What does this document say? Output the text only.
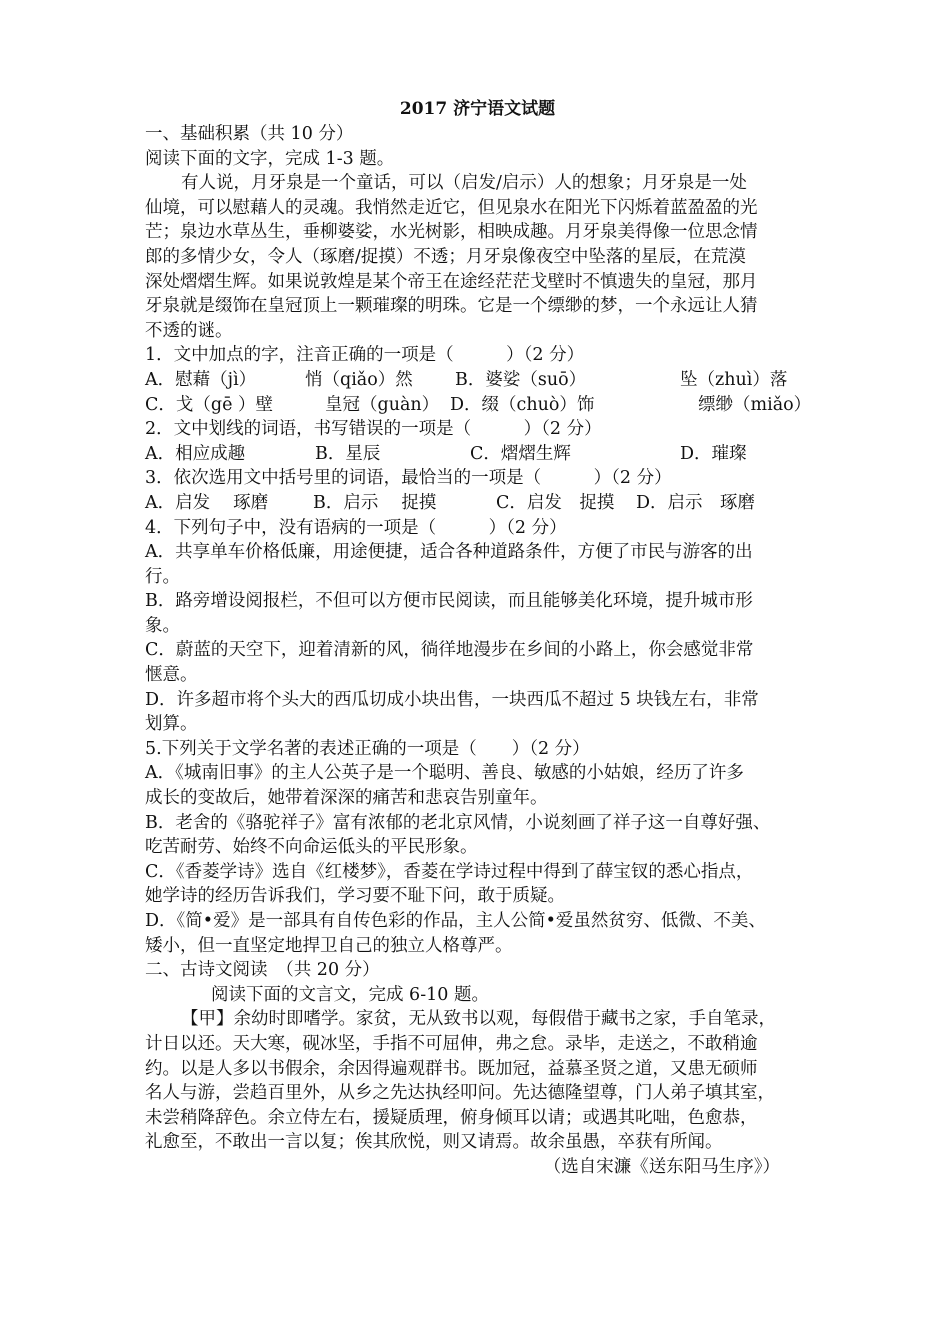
2017 济宁语文试题
一、基础积累（共 10 分）
阅读下面的文字，完成 1-3 题。
有人说，月牙泉是一个童话，可以（启发/启示）人的想象；月牙泉是一处
仙境，可以慰藉人的灵魂。我悄然走近它，但见泉水在阳光下闪烁着蓝盈盈的光
芒；泉边水草丛生，垂柳婆娑，水光树影，相映成趣。月牙泉美得像一位思念情
郎的多情少女，令人（琢磨/捉摸）不透；月牙泉像夜空中坠落的星辰，在荒漠
深处熠熠生辉。如果说敦煌是某个帝王在途经茫茫戈壁时不慎遗失的皇冠，那月
牙泉就是缀饰在皇冠顶上一颗璀璨的明珠。它是一个缥缈的梦，一个永远让人猜
不透的谜。
1．文中加点的字，注音正确的一项是（　　　）（2 分）
A．慰藉（jì）	悄（qiǎo）然 B．婆娑（suō）	坠（zhuì）落
C．戈（gē ）壁	皇冠（guàn） D．缀（chuò）饰	缥缈（miǎo）
2．文中划线的词语，书写错误的一项是（　　　）（2 分）
A．相应成趣	B．星辰	C．熠熠生辉	D．璀璨
3．依次选用文中括号里的词语，最恰当的一项是（　　　）（2 分）
A．启发　 琢磨	B．启示　 捉摸	C．启发　捉摸 D．启示　琢磨
4．下列句子中，没有语病的一项是（　　　）（2 分）
A．共享单车价格低廉，用途便捷，适合各种道路条件，方便了市民与游客的出
行。
B．路旁增设阅报栏，不但可以方便市民阅读，而且能够美化环境，提升城市形
象。
C．蔚蓝的天空下，迎着清新的风，徜徉地漫步在乡间的小路上，你会感觉非常
惬意。
D．许多超市将个头大的西瓜切成小块出售，一块西瓜不超过 5 块钱左右，非常
划算。
5.下列关于文学名著的表述正确的一项是（　　）（2 分）
A．《城南旧事》的主人公英子是一个聪明、善良、敏感的小姑娘，经历了许多
成长的变故后，她带着深深的痛苦和悲哀告别童年。
B．老舍的《骆驼祥子》富有浓郁的老北京风情，小说刻画了祥子这一自尊好强、
吃苦耐劳、始终不向命运低头的平民形象。
C．《香菱学诗》选自《红楼梦》，香菱在学诗过程中得到了薛宝钗的悉心指点，
她学诗的经历告诉我们，学习要不耻下问，敢于质疑。
D．《简•爱》是一部具有自传色彩的作品，主人公简•爱虽然贫穷、低微、不美、
矮小，但一直坚定地捍卫自己的独立人格尊严。
二、古诗文阅读　（共 20 分）
阅读下面的文言文，完成 6-10 题。
【甲】余幼时即嗜学。家贫，无从致书以观，每假借于藏书之家，手自笔录，
计日以还。天大寒，砚冰坚，手指不可屈伸，弗之怠。录毕，走送之，不敢稍逾
约。以是人多以书假余，余因得遍观群书。既加冠，益慕圣贤之道，又患无硕师
名人与游，尝趋百里外，从乡之先达执经叩问。先达德隆望尊，门人弟子填其室，
未尝稍降辞色。余立侍左右，援疑质理，俯身倾耳以请；或遇其叱咄，色愈恭，
礼愈至，不敢出一言以复；俟其欣悦，则又请焉。故余虽愚，卒获有所闻。
（选自宋濂《送东阳马生序》）
